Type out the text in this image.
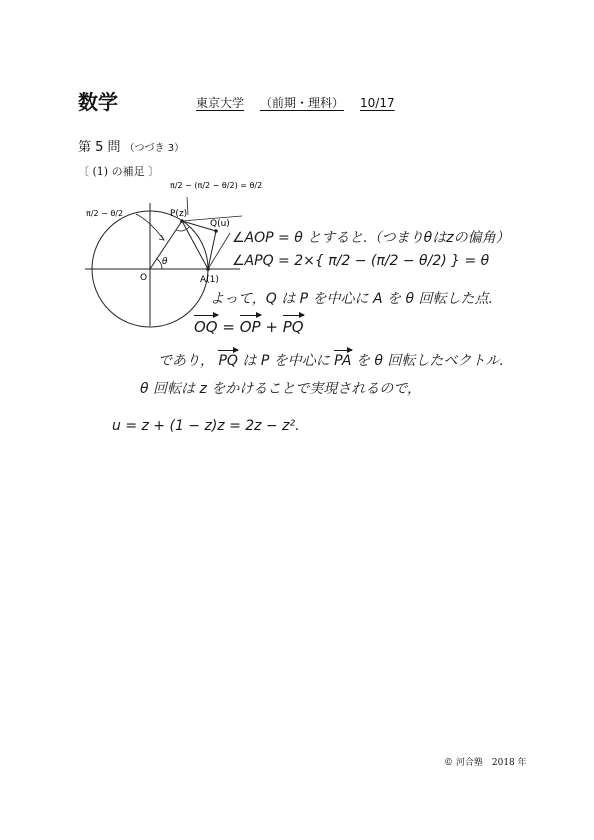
数学	東京大学 （前期・理科） 10/17
第 5 問 （つづき 3）
〔 (1) の補足 〕
θ
O	A(1)
P(z)
Q(u)
π/2 − (π/2 − θ/2) = θ/2
π/2 − θ/2
∠AOP = θ とすると.（つまりθはzの偏角）
∠APQ = 2×{ π/2 − (π/2 − θ/2) } = θ
よって，Q は P を中心に A を θ 回転した点.
OQ = OP + PQ
であり， PQ は P を中心に PA を θ 回転したベクトル.
θ 回転は z をかけることで実現されるので，
u = z + (1 − z)z = 2z − z².
© 河合塾　2018 年
